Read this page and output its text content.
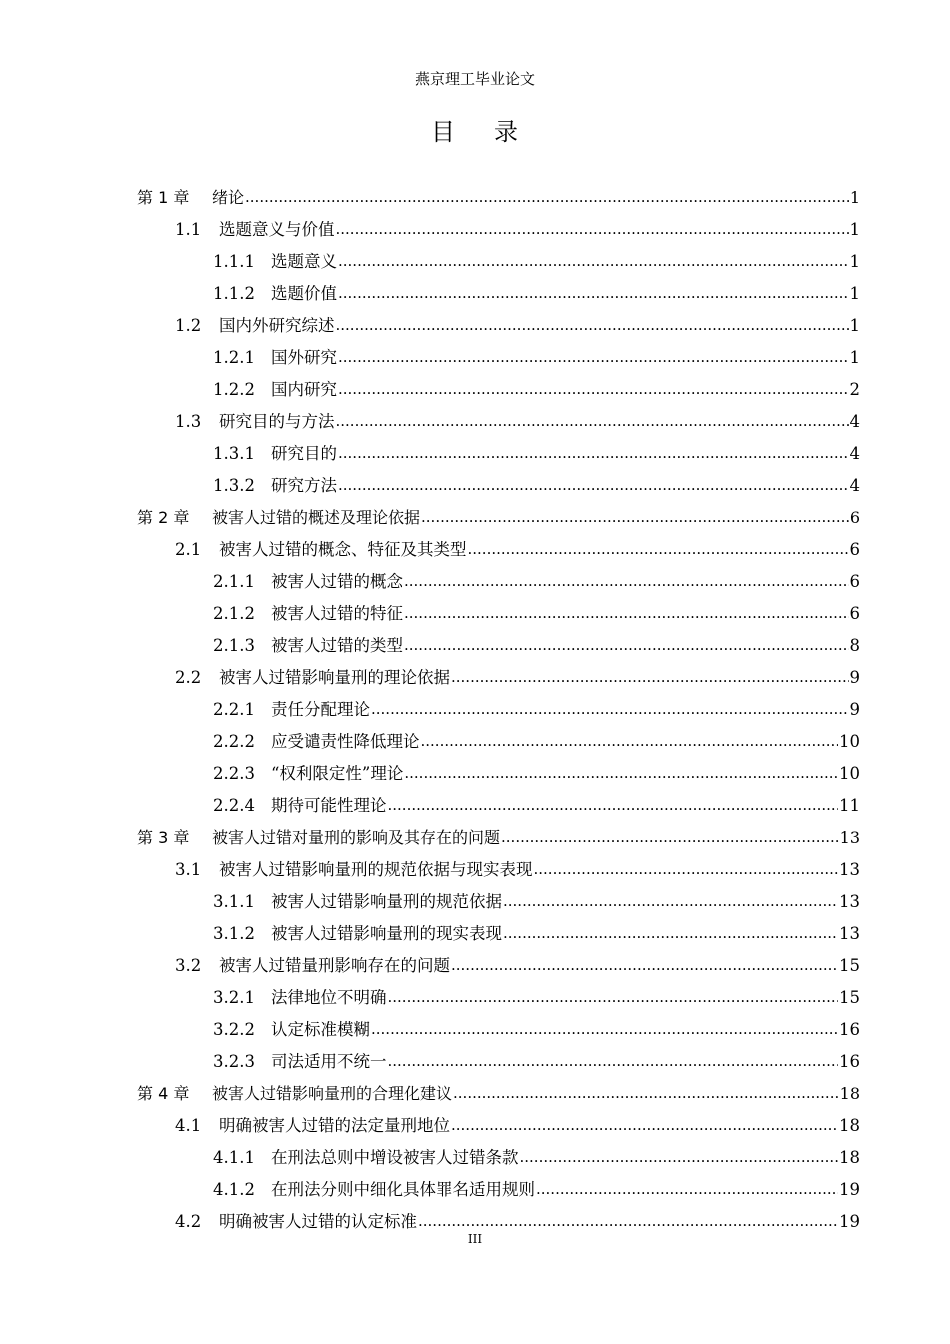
燕京理工毕业论文
目 录
第 1 章	绪论 .....	1
1.1	选题意义与价值 .....	1
1.1.1 选题意义 .....	1
1.1.2 选题价值 .....	1
1.2	国内外研究综述 .....	1
1.2.1 国外研究 .....	1
1.2.2 国内研究 .....	2
1.3	研究目的与方法 .....	4
1.3.1 研究目的 .....	4
1.3.2 研究方法 .....	4
第 2 章	被害人过错的概述及理论依据 .....	6
2.1	被害人过错的概念、特征及其类型 .....	6
2.1.1 被害人过错的概念 .....	6
2.1.2 被害人过错的特征 .....	6
2.1.3 被害人过错的类型 .....	8
2.2	被害人过错影响量刑的理论依据 .....	9
2.2.1 责任分配理论 .....	9
2.2.2 应受谴责性降低理论 .....	10
2.2.3 “权利限定性”理论 .....	10
2.2.4 期待可能性理论 .....	11
第 3 章	被害人过错对量刑的影响及其存在的问题 .....	13
3.1	被害人过错影响量刑的规范依据与现实表现 .....	13
3.1.1 被害人过错影响量刑的规范依据 .....	13
3.1.2 被害人过错影响量刑的现实表现 .....	13
3.2	被害人过错量刑影响存在的问题 .....	15
3.2.1 法律地位不明确 .....	15
3.2.2 认定标准模糊 .....	16
3.2.3 司法适用不统一 .....	16
第 4 章	被害人过错影响量刑的合理化建议 .....	18
4.1	明确被害人过错的法定量刑地位 .....	18
4.1.1 在刑法总则中增设被害人过错条款 .....	18
4.1.2 在刑法分则中细化具体罪名适用规则 .....	19
4.2	明确被害人过错的认定标准 .....	19
III
